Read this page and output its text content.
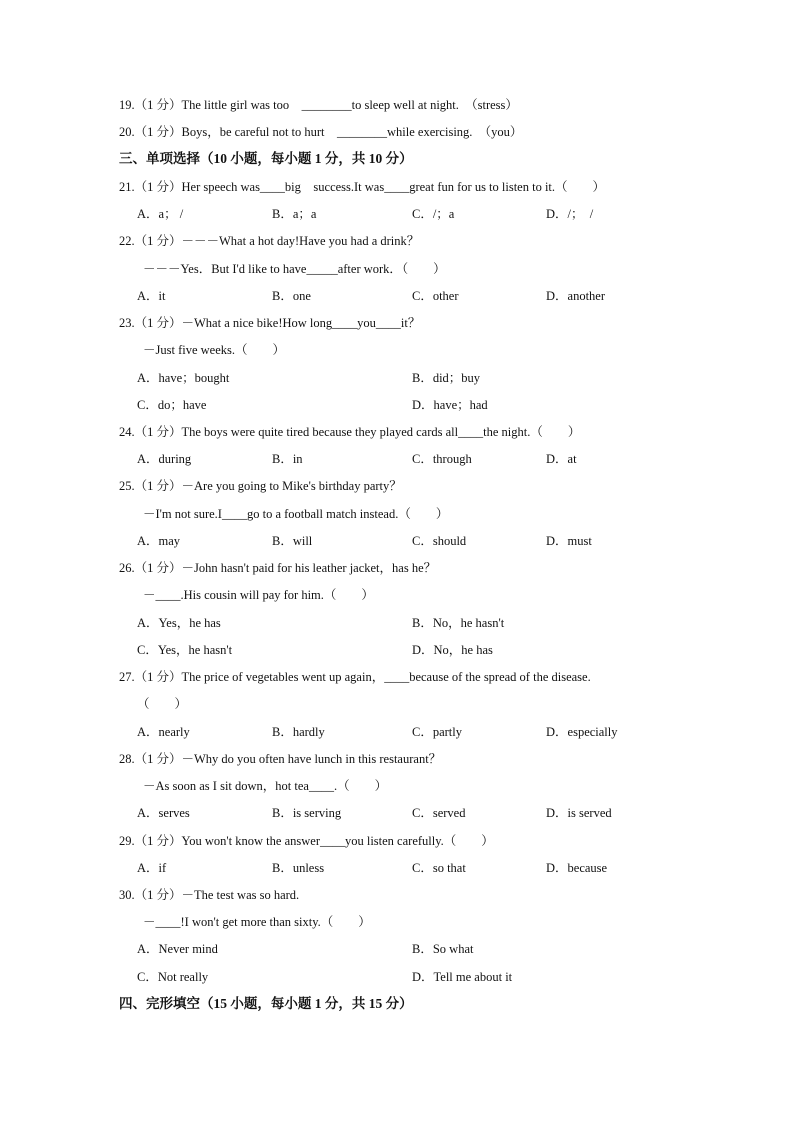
19.（1 分）The little girl was too    ________to sleep well at night.  （stress）
20.（1 分）Boys，be careful not to hurt    ________while exercising.  （you）
三、单项选择（10 小题，每小题 1 分，共 10 分）
21.（1 分）Her speech was____big    success.It was____great fun for us to listen to it.（        ）
A．a； /	B．a；a	C．/；a	D．/；  /
22.（1 分）－－－What a hot day!Have you had a drink？
－－－Yes．But I'd like to have_____after work．（        ）
A．it	B．one	C．other	D．another
23.（1 分）－What a nice bike!How long____you____it？
－Just five weeks.（        ）
A．have；bought	B．did；buy
C．do；have	D．have；had
24.（1 分）The boys were quite tired because they played cards all____the night.（        ）
A．during	B．in	C．through	D．at
25.（1 分）－Are you going to Mike's birthday party？
－I'm not sure.I____go to a football match instead.（        ）
A．may	B．will	C．should	D．must
26.（1 分）－John hasn't paid for his leather jacket，has he？
－____.His cousin will pay for him.（        ）
A．Yes，he has	B．No，he hasn't
C．Yes，he hasn't	D．No，he has
27.（1 分）The price of vegetables went up again，____because of the spread of the disease.
（        ）
A．nearly	B．hardly	C．partly	D．especially
28.（1 分）－Why do you often have lunch in this restaurant？
－As soon as I sit down，hot tea____.（        ）
A．serves	B．is serving	C．served	D．is served
29.（1 分）You won't know the answer____you listen carefully.（        ）
A．if	B．unless	C．so that	D．because
30.（1 分）－The test was so hard.
－____!I won't get more than sixty.（        ）
A．Never mind	B．So what
C．Not really	D．Tell me about it
四、完形填空（15 小题，每小题 1 分，共 15 分）
